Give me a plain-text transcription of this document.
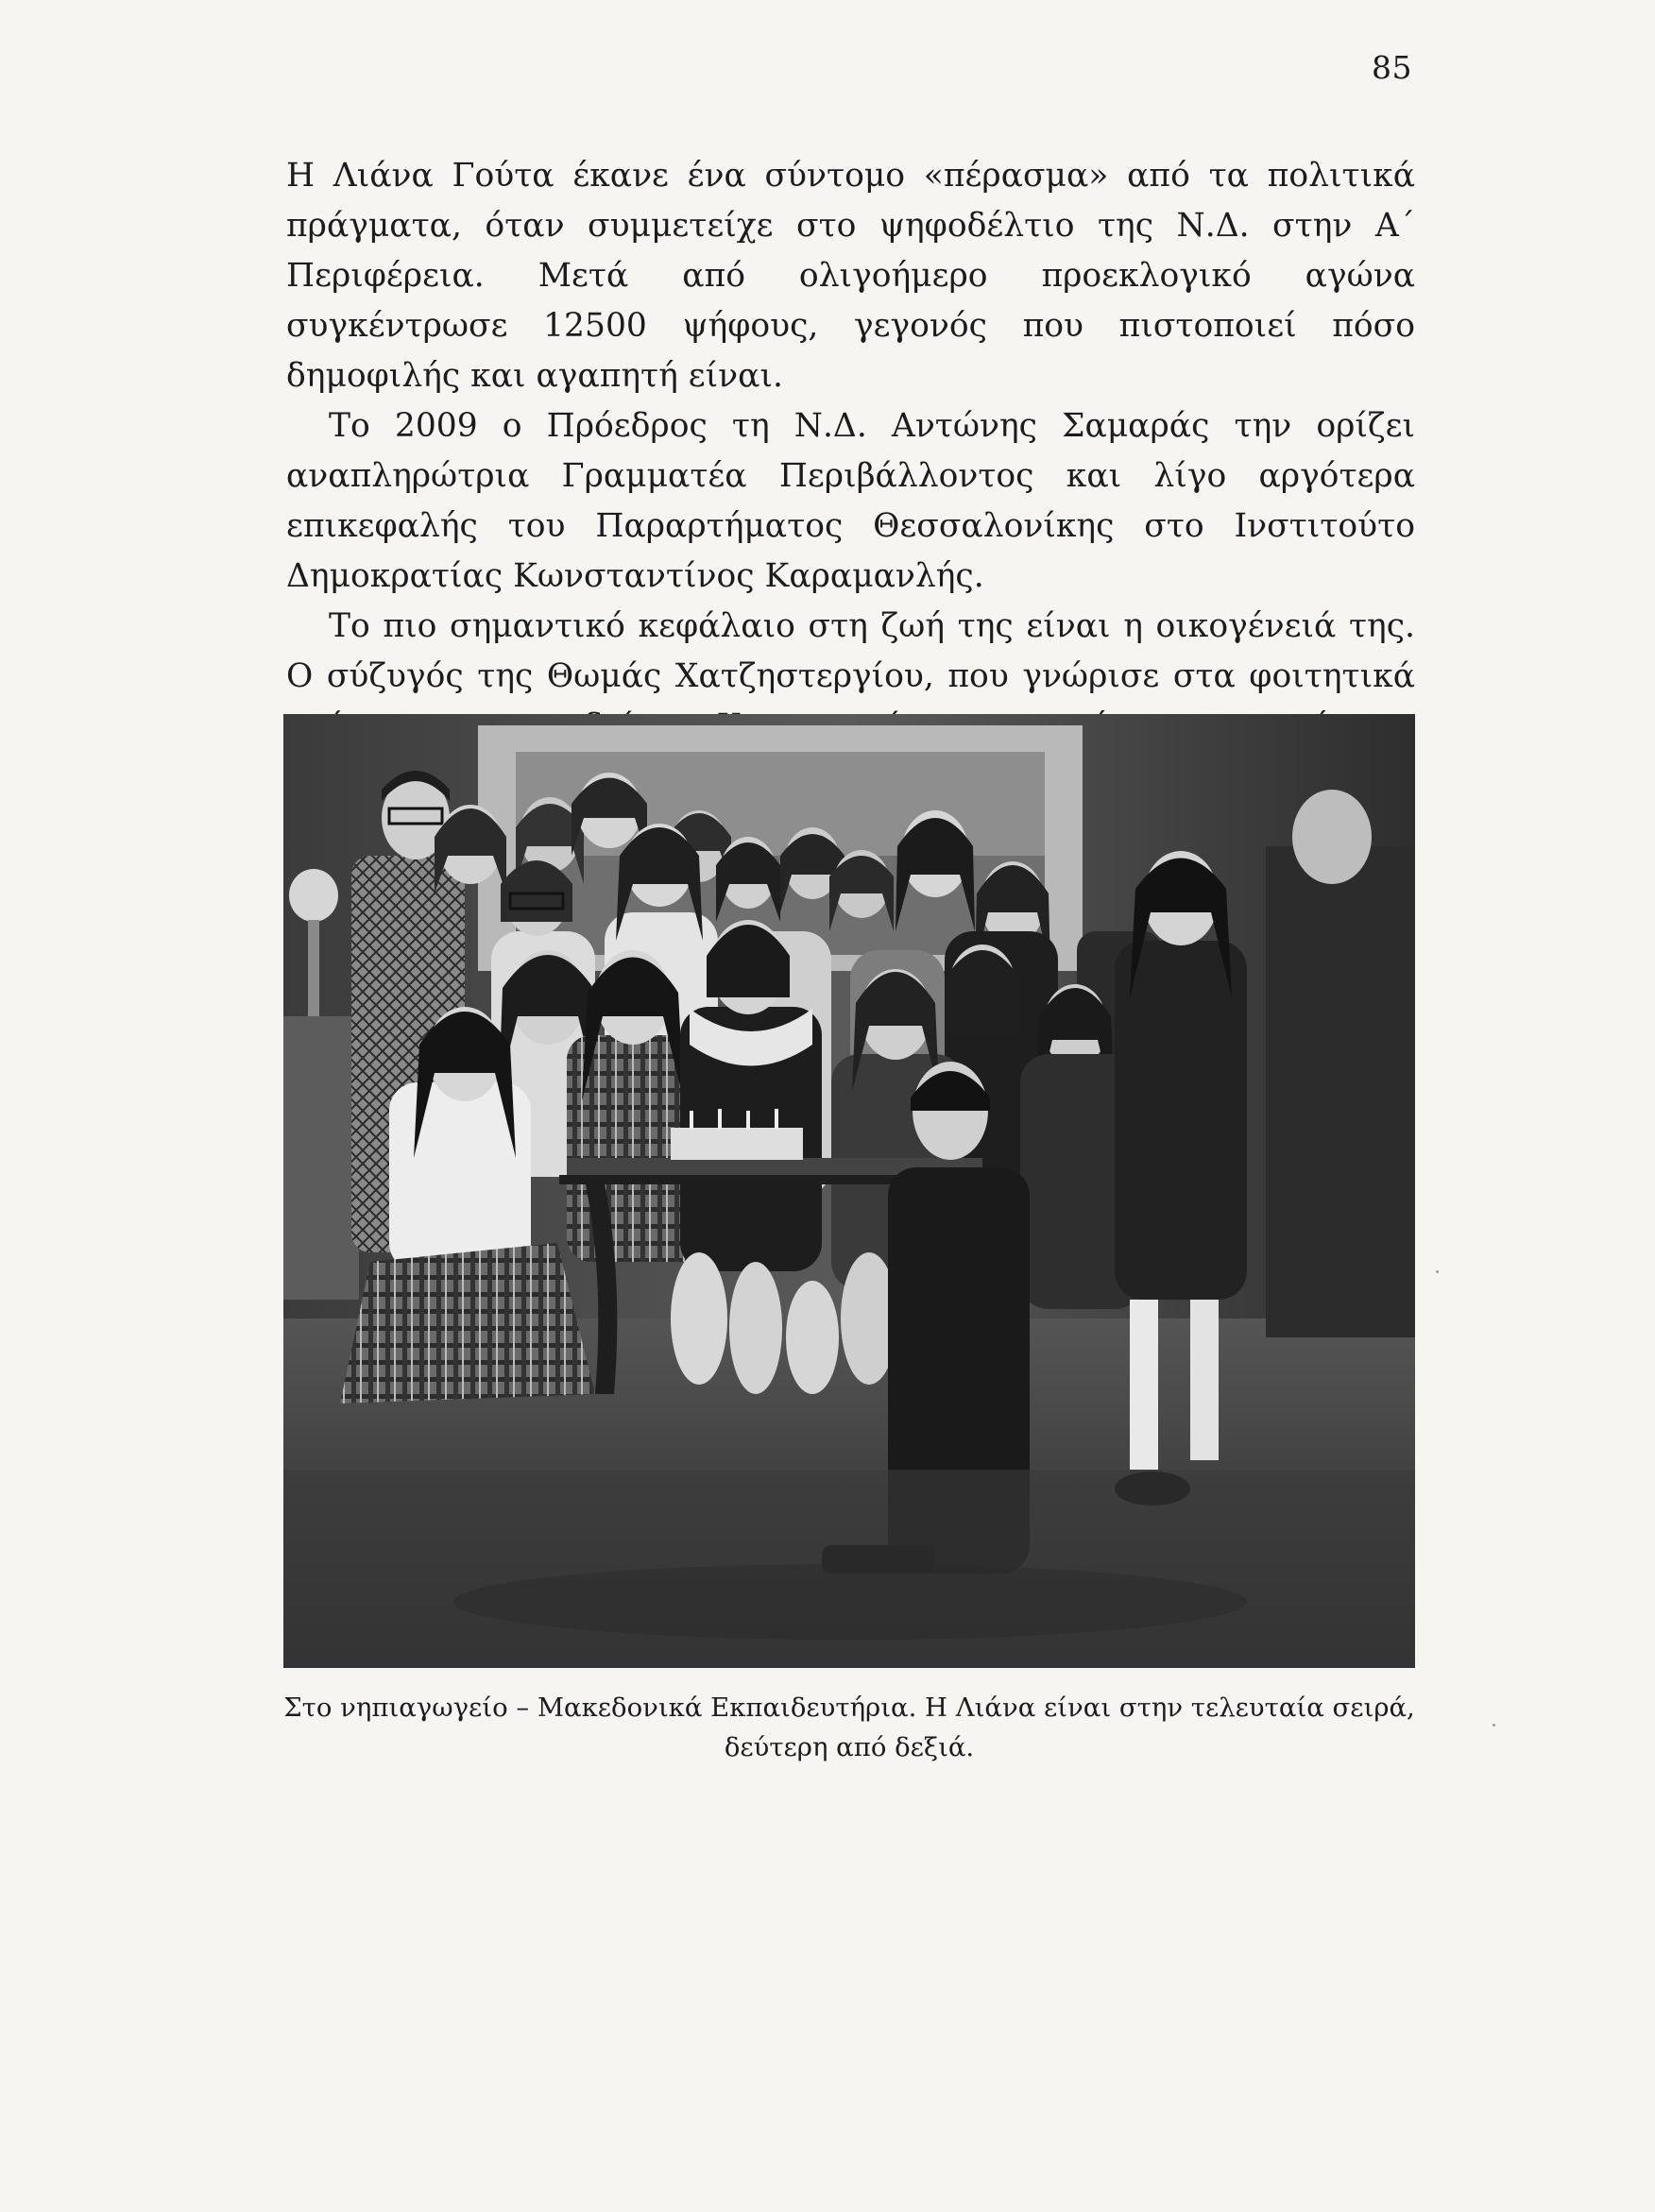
85

Η Λιάνα Γούτα έκανε ένα σύντομο «πέρασμα» από τα πολιτικά πράγματα, όταν συμμετείχε στο ψηφοδέλτιο της Ν.Δ. στην Α΄ Περιφέρεια. Μετά από ολιγοήμερο προεκλογικό αγώνα συγκέντρωσε 12500 ψήφους, γεγονός που πιστοποιεί πόσο δημοφιλής και αγαπητή είναι.

Το 2009 ο Πρόεδρος τη Ν.Δ. Αντώνης Σαμαράς την ορίζει αναπληρώτρια Γραμματέα Περιβάλλοντος και λίγο αργότερα επικεφαλής του Παραρτήματος Θεσσαλονίκης στο Ινστιτούτο Δημοκρατίας Κωνσταντίνος Καραμανλής.

Το πιο σημαντικό κεφάλαιο στη ζωή της είναι η οικογένειά της. Ο σύζυγός της Θωμάς Χατζηστεργίου, που γνώρισε στα φοιτητικά

Στο νηπιαγωγείο – Μακεδονικά Εκπαιδευτήρια. Η Λιάνα είναι στην τελευταία σειρά,
δεύτερη από δεξιά.
